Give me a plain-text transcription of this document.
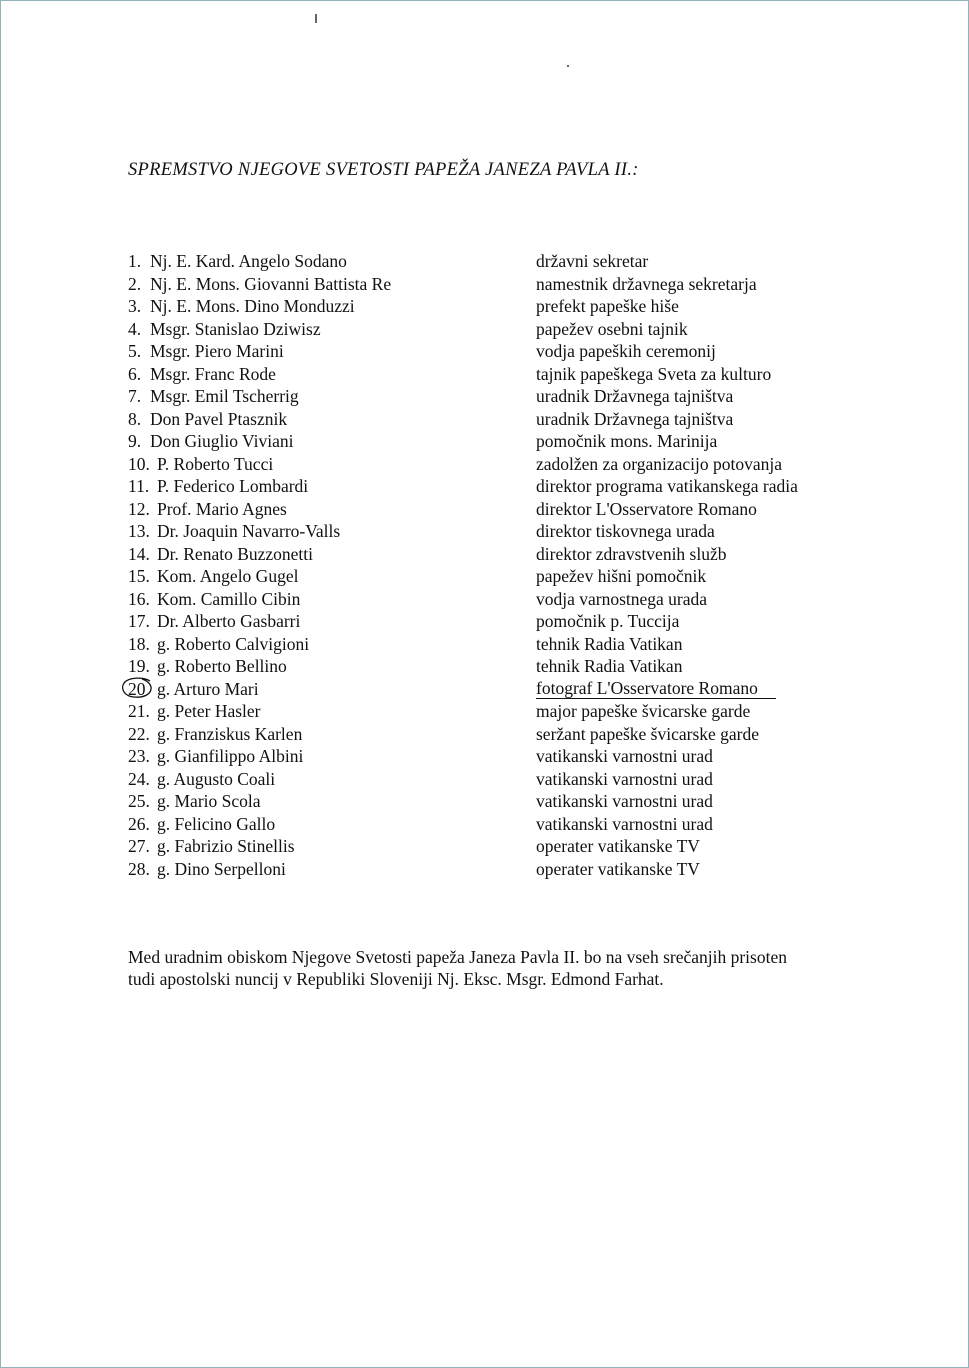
SPREMSTVO NJEGOVE SVETOSTI PAPEŽA JANEZA PAVLA II.:
1. Nj. E. Kard. Angelo Sodano	državni sekretar
2. Nj. E. Mons. Giovanni Battista Re	namestnik državnega sekretarja
3. Nj. E. Mons. Dino Monduzzi	prefekt papeške hiše
4. Msgr. Stanislao Dziwisz	papežev osebni tajnik
5. Msgr. Piero Marini	vodja papeških ceremonij
6. Msgr. Franc Rode	tajnik papeškega Sveta za kulturo
7. Msgr. Emil Tscherrig	uradnik Državnega tajništva
8. Don Pavel Ptasznik	uradnik Državnega tajništva
9. Don Giuglio Viviani	pomočnik mons. Marinija
10. P. Roberto Tucci	zadolžen za organizacijo potovanja
11. P. Federico Lombardi	direktor programa vatikanskega radia
12. Prof. Mario Agnes	direktor L'Osservatore Romano
13. Dr. Joaquin Navarro-Valls	direktor tiskovnega urada
14. Dr. Renato Buzzonetti	direktor zdravstvenih služb
15. Kom. Angelo Gugel	papežev hišni pomočnik
16. Kom. Camillo Cibin	vodja varnostnega urada
17. Dr. Alberto Gasbarri	pomočnik p. Tuccija
18. g. Roberto Calvigioni	tehnik Radia Vatikan
19. g. Roberto Bellino	tehnik Radia Vatikan
20 g. Arturo Mari	fotograf L'Osservatore Romano
21. g. Peter Hasler	major papeške švicarske garde
22. g. Franziskus Karlen	seržant papeške švicarske garde
23. g. Gianfilippo Albini	vatikanski varnostni urad
24. g. Augusto Coali	vatikanski varnostni urad
25. g. Mario Scola	vatikanski varnostni urad
26. g. Felicino Gallo	vatikanski varnostni urad
27. g. Fabrizio Stinellis	operater vatikanske TV
28. g. Dino Serpelloni	operater vatikanske TV

Med uradnim obiskom Njegove Svetosti papeža Janeza Pavla II. bo na vseh srečanjih prisoten

tudi apostolski nuncij v Republiki Sloveniji Nj. Eksc. Msgr. Edmond Farhat.
